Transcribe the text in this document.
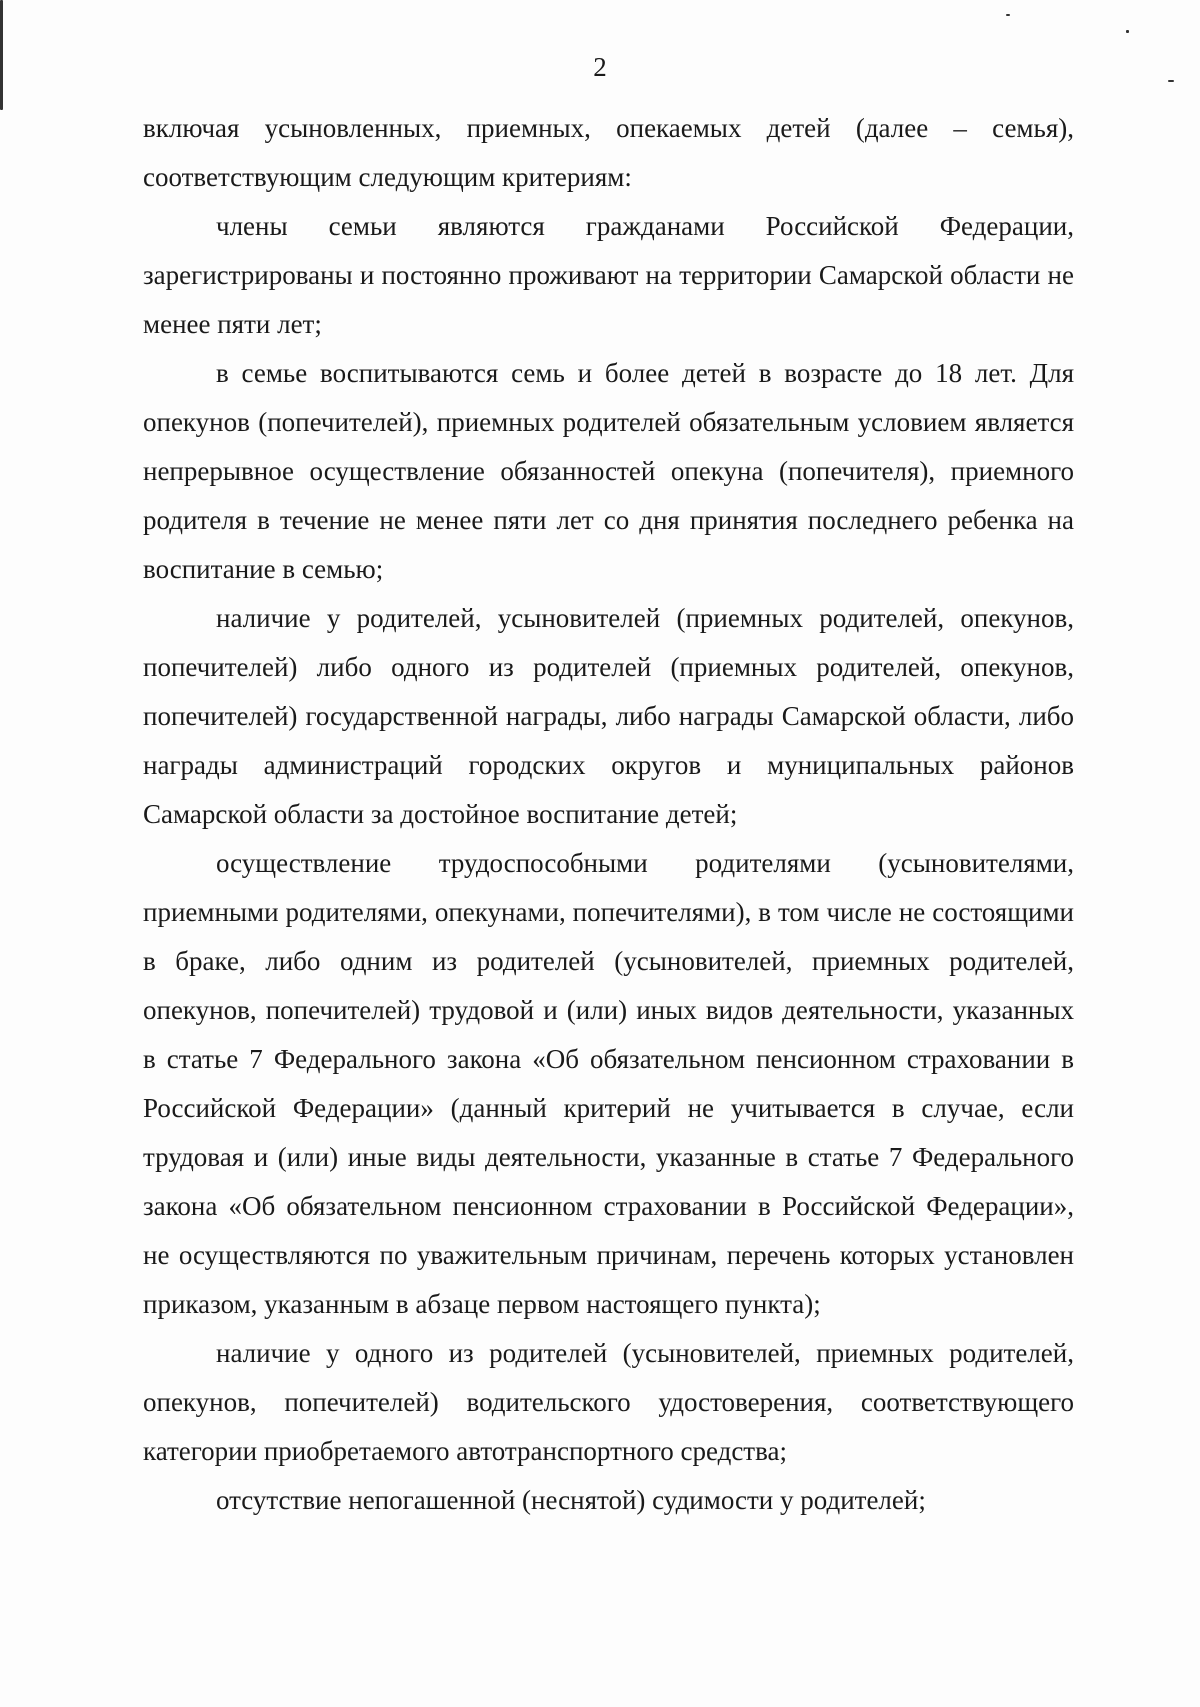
2

включая усыновленных, приемных, опекаемых детей (далее – семья), соответствующим следующим критериям:

члены семьи являются гражданами Российской Федерации, зарегистрированы и постоянно проживают на территории Самарской области не менее пяти лет;

в семье воспитываются семь и более детей в возрасте до 18 лет. Для опекунов (попечителей), приемных родителей обязательным условием является непрерывное осуществление обязанностей опекуна (попечителя), приемного родителя в течение не менее пяти лет со дня принятия последнего ребенка на воспитание в семью;

наличие у родителей, усыновителей (приемных родителей, опекунов, попечителей) либо одного из родителей (приемных родителей, опекунов, попечителей) государственной награды, либо награды Самарской области, либо награды администраций городских округов и муниципальных районов Самарской области за достойное воспитание детей;

осуществление трудоспособными родителями (усыновителями, приемными родителями, опекунами, попечителями), в том числе не состоящими в браке, либо одним из родителей (усыновителей, приемных родителей, опекунов, попечителей) трудовой и (или) иных видов деятельности, указанных в статье 7 Федерального закона «Об обязательном пенсионном страховании в Российской Федерации» (данный критерий не учитывается в случае, если трудовая и (или) иные виды деятельности, указанные в статье 7 Федерального закона «Об обязательном пенсионном страховании в Российской Федерации», не осуществляются по уважительным причинам, перечень которых установлен приказом, указанным в абзаце первом настоящего пункта);

наличие у одного из родителей (усыновителей, приемных родителей, опекунов, попечителей) водительского удостоверения, соответствующего категории приобретаемого автотранспортного средства;

отсутствие непогашенной (неснятой) судимости у родителей;
